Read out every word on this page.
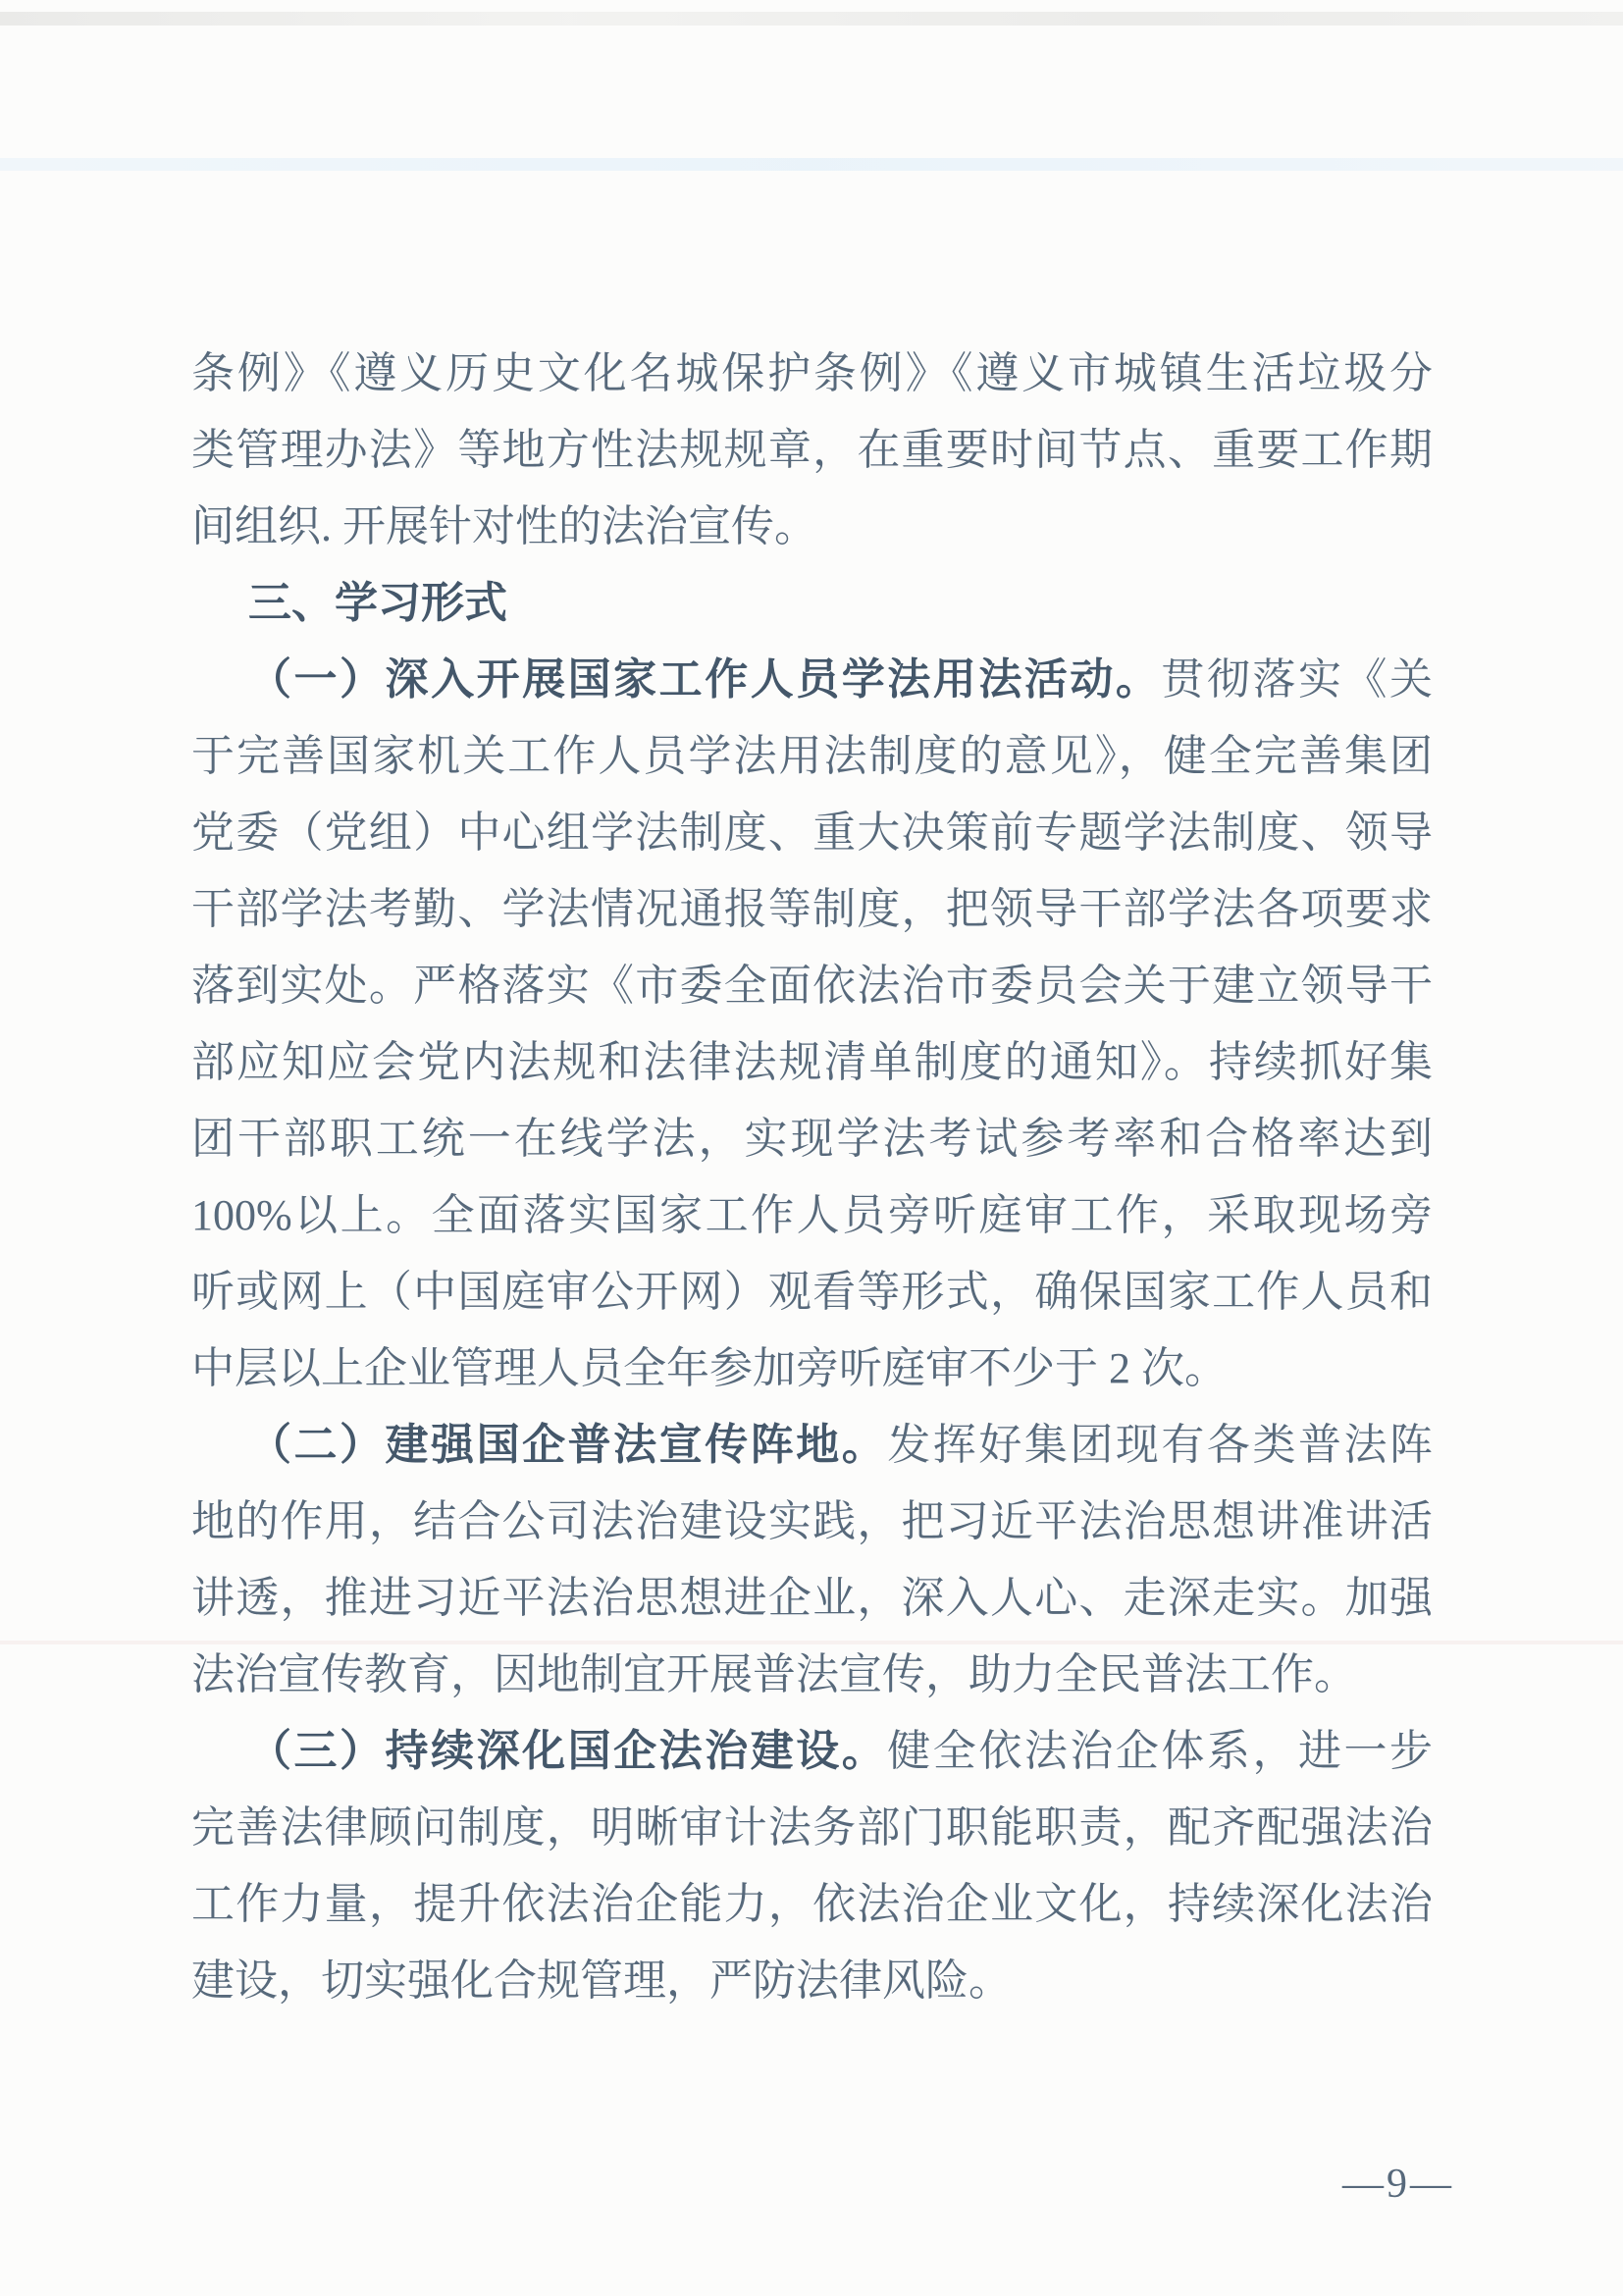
条例》《遵义历史文化名城保护条例》《遵义市城镇生活垃圾分
类管理办法》等地方性法规规章，在重要时间节点、重要工作期
间组织. 开展针对性的法治宣传。
三、学习形式
（一）深入开展国家工作人员学法用法活动。贯彻落实《关
于完善国家机关工作人员学法用法制度的意见》，健全完善集团
党委（党组）中心组学法制度、重大决策前专题学法制度、领导
干部学法考勤、学法情况通报等制度，把领导干部学法各项要求
落到实处。严格落实《市委全面依法治市委员会关于建立领导干
部应知应会党内法规和法律法规清单制度的通知》。持续抓好集
团干部职工统一在线学法，实现学法考试参考率和合格率达到
100%以上。全面落实国家工作人员旁听庭审工作，采取现场旁
听或网上（中国庭审公开网）观看等形式，确保国家工作人员和
中层以上企业管理人员全年参加旁听庭审不少于 2 次。
（二）建强国企普法宣传阵地。发挥好集团现有各类普法阵
地的作用，结合公司法治建设实践，把习近平法治思想讲准讲活
讲透，推进习近平法治思想进企业，深入人心、走深走实。加强
法治宣传教育，因地制宜开展普法宣传，助力全民普法工作。
（三）持续深化国企法治建设。健全依法治企体系，进一步
完善法律顾问制度，明晰审计法务部门职能职责，配齐配强法治
工作力量，提升依法治企能力，依法治企业文化，持续深化法治
建设，切实强化合规管理，严防法律风险。
—9—
